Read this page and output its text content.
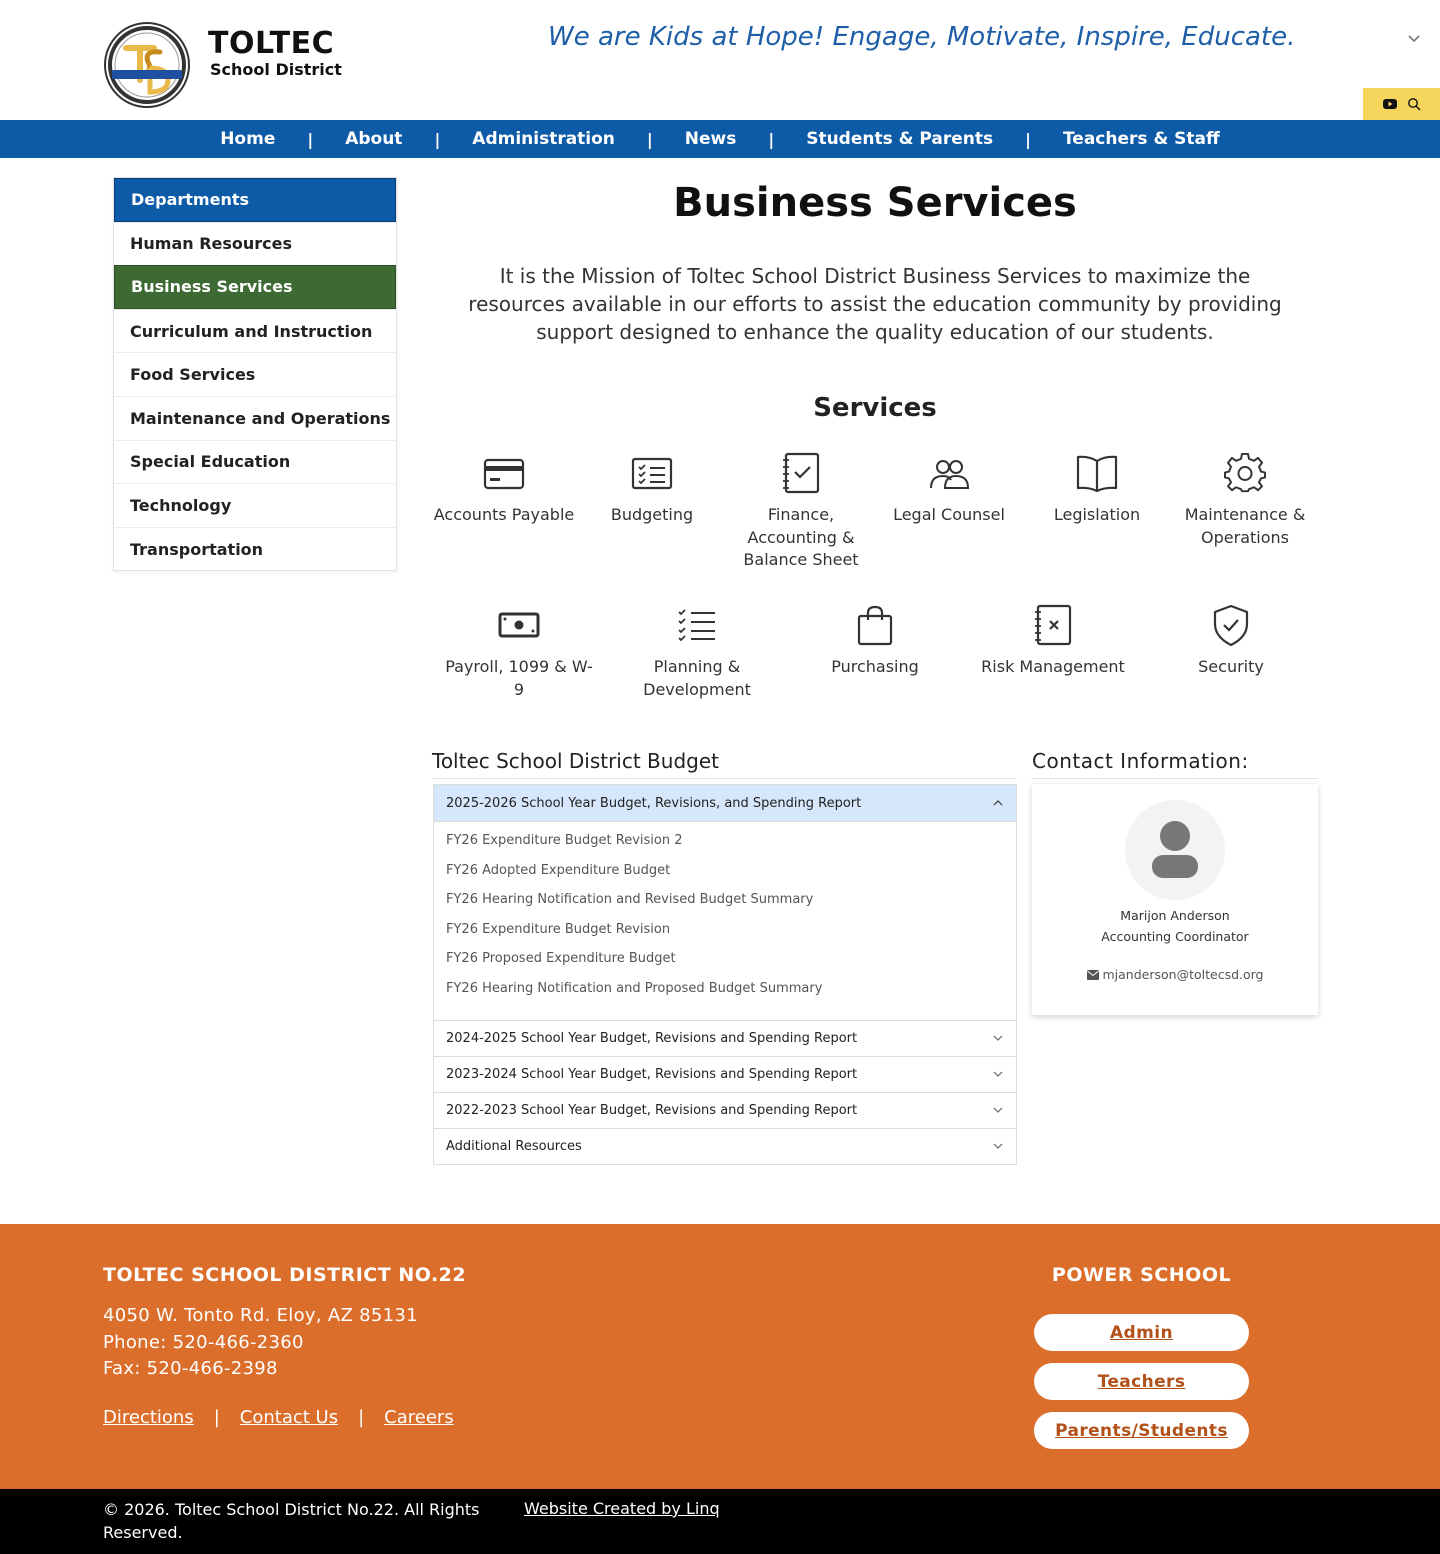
TOLTEC
School District
We are Kids at Hope! Engage, Motivate, Inspire, Educate.
Home | About | Administration | News | Students & Parents | Teachers & Staff
Departments
Human Resources
Business Services
Curriculum and Instruction
Food Services
Maintenance and Operations
Special Education
Technology
Transportation
Business Services

It is the Mission of Toltec School District Business Services to maximize the resources available in our efforts to assist the education community by providing support designed to enhance the quality education of our students.

Services
Accounts Payable	Budgeting	Finance, Accounting & Balance Sheet
Legal Counsel	Legislation	Maintenance & Operations
Payroll, 1099 & W-9
Planning & Development
Purchasing	Risk Management	Security
Toltec School District Budget
2025-2026 School Year Budget, Revisions, and Spending Report
FY26 Expenditure Budget Revision 2
FY26 Adopted Expenditure Budget
FY26 Hearing Notification and Revised Budget Summary
FY26 Expenditure Budget Revision
FY26 Proposed Expenditure Budget
FY26 Hearing Notification and Proposed Budget Summary
2024-2025 School Year Budget, Revisions and Spending Report
2023-2024 School Year Budget, Revisions and Spending Report
2022-2023 School Year Budget, Revisions and Spending Report
Additional Resources
Contact Information:
Marijon Anderson
Accounting Coordinator
mjanderson@toltecsd.org
TOLTEC SCHOOL DISTRICT NO.22
4050 W. Tonto Rd. Eloy, AZ 85131
Phone: 520-466-2360
Fax: 520-466-2398
Directions | Contact Us | Careers
POWER SCHOOL
Admin
Teachers
Parents/Students
© 2026. Toltec School District No.22. All Rights Reserved.
Website Created by Linq
